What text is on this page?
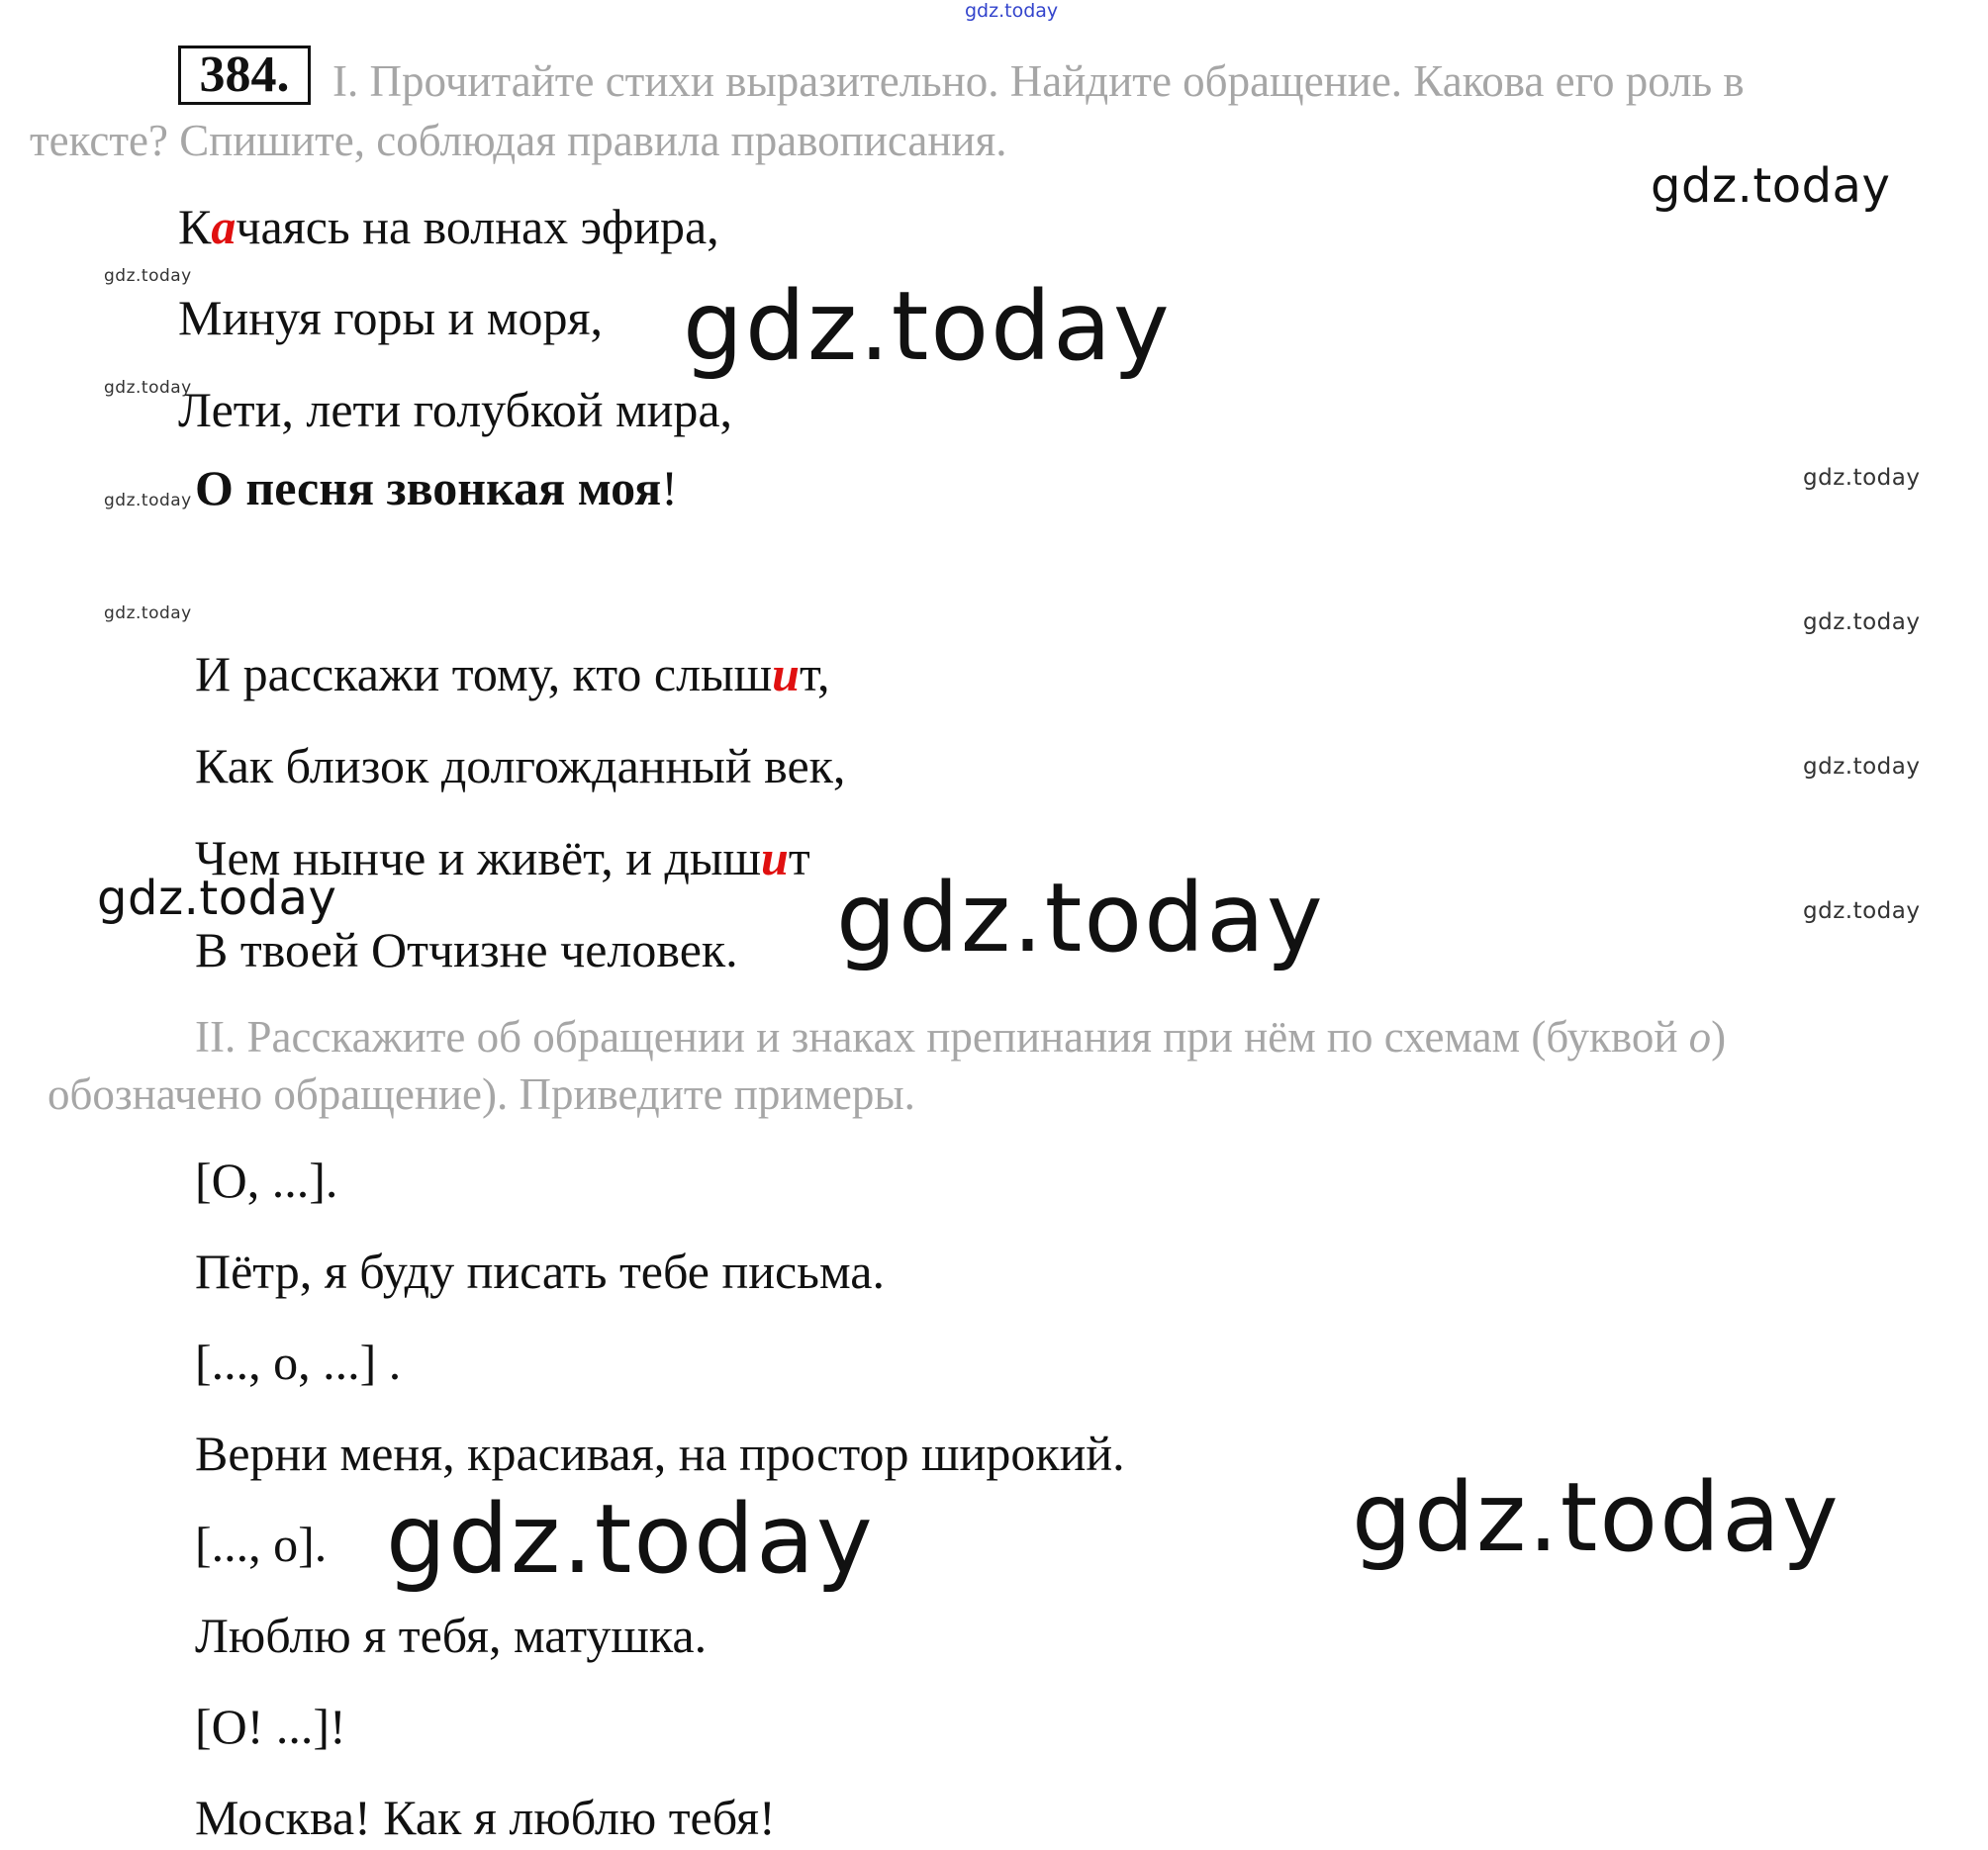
gdz.today
gdz.today
gdz.today
gdz.today
gdz.today
gdz.today
gdz.today
gdz.today
gdz.today
gdz.today
gdz.today
gdz.today	gdz.today
gdz.today	gdz.today
384. I. Прочитайте стихи выразительно. Найдите обращение. Какова его роль в
тексте? Спишите, соблюдая правила правописания.
Качаясь на волнах эфира,
Минуя горы и моря,
Лети, лети голубкой мира,
О песня звонкая моя!
И расскажи тому, кто слышит,
Как близок долгожданный век,
Чем нынче и живёт, и дышит
В твоей Отчизне человек.
II. Расскажите об обращении и знаках препинания при нём по схемам (буквой о)
обозначено обращение). Приведите примеры.
[О, ...].
Пётр, я буду писать тебе письма.
[..., о, ...] .
Верни меня, красивая, на простор широкий.
[..., о].
Люблю я тебя, матушка.
[О! ...]!
Москва! Как я люблю тебя!
